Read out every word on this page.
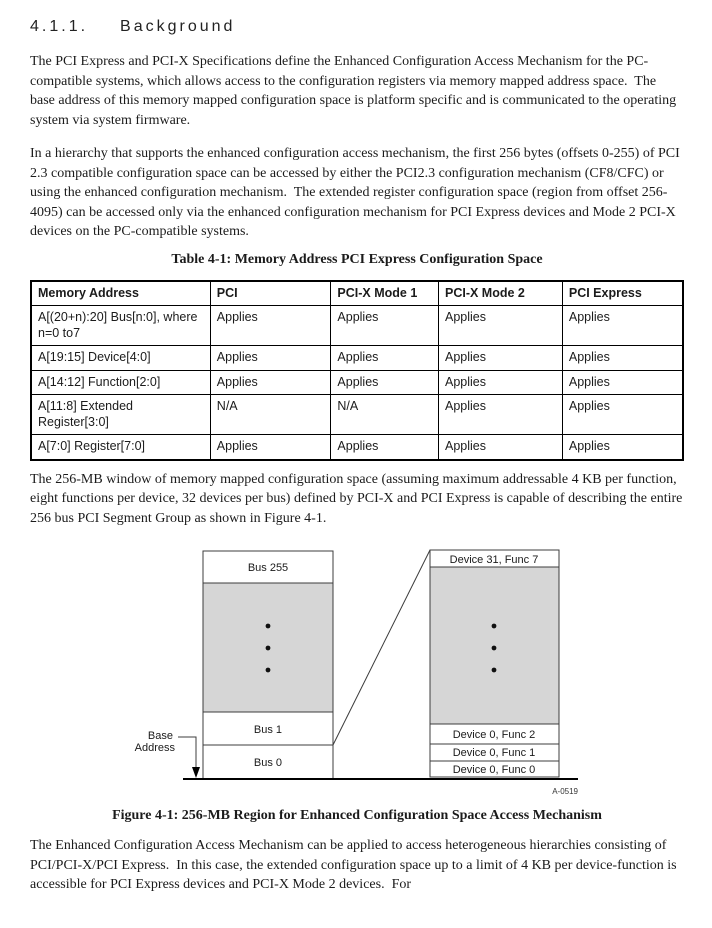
4.1.1. Background

The PCI Express and PCI-X Specifications define the Enhanced Configuration Access Mechanism for the PC-compatible systems, which allows access to the configuration registers via memory mapped address space.  The base address of this memory mapped configuration space is platform specific and is communicated to the operating system via system firmware.

In a hierarchy that supports the enhanced configuration access mechanism, the first 256 bytes (offsets 0-255) of PCI 2.3 compatible configuration space can be accessed by either the PCI2.3 configuration mechanism (CF8/CFC) or using the enhanced configuration mechanism.  The extended register configuration space (region from offset 256-4095) can be accessed only via the enhanced configuration mechanism for PCI Express devices and Mode 2 PCI-X devices on the PC-compatible systems.

Table 4-1: Memory Address PCI Express Configuration Space
Memory Address	PCI	PCI-X Mode 1	PCI-X Mode 2	PCI Express
A[(20+n):20] Bus[n:0], where n=0 to7	Applies	Applies	Applies	Applies
A[19:15] Device[4:0]	Applies	Applies	Applies	Applies
A[14:12] Function[2:0]	Applies	Applies	Applies	Applies
A[11:8] Extended Register[3:0]	N/A	N/A	Applies	Applies
A[7:0] Register[7:0]	Applies	Applies	Applies	Applies

The 256-MB window of memory mapped configuration space (assuming maximum addressable 4 KB per function, eight functions per device, 32 devices per bus) defined by PCI-X and PCI Express is capable of describing the entire 256 bus PCI Segment Group as shown in Figure 4-1.

Bus 255
Bus 1
Bus 0
Device 31, Func 7
Device 0, Func 2
Device 0, Func 1
Device 0, Func 0
Base
Address
A-0519
Figure 4-1: 256-MB Region for Enhanced Configuration Space Access Mechanism

The Enhanced Configuration Access Mechanism can be applied to access heterogeneous hierarchies consisting of PCI/PCI-X/PCI Express.  In this case, the extended configuration space up to a limit of 4 KB per device-function is accessible for PCI Express devices and PCI-X Mode 2 devices.  For
